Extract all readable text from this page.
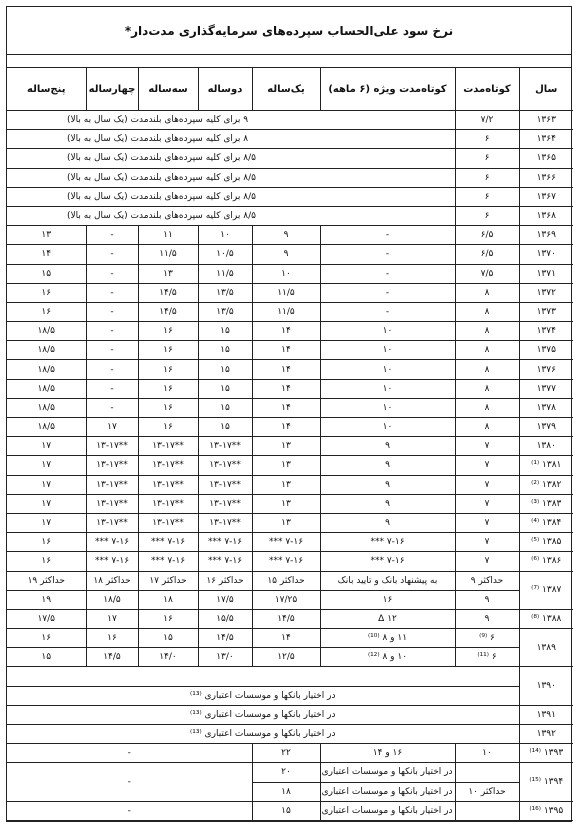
نرخ سود علی‌الحساب سپرده‌های سرمایه‌گذاری مدت‌دار*
سال	کوتاه‌مدت	کوتاه‌مدت ویژه (۶ ماهه)	یک‌ساله	دوساله	سه‌ساله	چهارساله	پنج‌ساله
۱۳۶۳	۷/۲	۹ برای کلیه سپرده‌های بلندمدت (یک سال به بالا)					
۱۳۶۴	۶	۸ برای کلیه سپرده‌های بلندمدت (یک سال به بالا)					
۱۳۶۵	۶	۸/۵ برای کلیه سپرده‌های بلندمدت (یک سال به بالا)					
۱۳۶۶	۶	۸/۵ برای کلیه سپرده‌های بلندمدت (یک سال به بالا)					
۱۳۶۷	۶	۸/۵ برای کلیه سپرده‌های بلندمدت (یک سال به بالا)					
۱۳۶۸	۶	۸/۵ برای کلیه سپرده‌های بلندمدت (یک سال به بالا)					
۱۳۶۹	۶/۵	-	۹	۱۰	۱۱	-	۱۳
۱۳۷۰	۶/۵	-	۹	۱۰/۵	۱۱/۵	-	۱۴
۱۳۷۱	۷/۵	-	۱۰	۱۱/۵	۱۳	-	۱۵
۱۳۷۲	۸	-	۱۱/۵	۱۳/۵	۱۴/۵	-	۱۶
۱۳۷۳	۸	-	۱۱/۵	۱۳/۵	۱۴/۵	-	۱۶
۱۳۷۴	۸	۱۰	۱۴	۱۵	۱۶	-	۱۸/۵
۱۳۷۵	۸	۱۰	۱۴	۱۵	۱۶	-	۱۸/۵
۱۳۷۶	۸	۱۰	۱۴	۱۵	۱۶	-	۱۸/۵
۱۳۷۷	۸	۱۰	۱۴	۱۵	۱۶	-	۱۸/۵
۱۳۷۸	۸	۱۰	۱۴	۱۵	۱۶	-	۱۸/۵
۱۳۷۹	۸	۱۰	۱۴	۱۵	۱۶	۱۷	۱۸/۵
۱۳۸۰	۷	۹	۱۳	**۱۳-۱۷	**۱۳-۱۷	**۱۳-۱۷	۱۷
۱۳۸۱ ⁽¹⁾	۷	۹	۱۳	**۱۳-۱۷	**۱۳-۱۷	**۱۳-۱۷	۱۷
۱۳۸۲ ⁽²⁾	۷	۹	۱۳	**۱۳-۱۷	**۱۳-۱۷	**۱۳-۱۷	۱۷
۱۳۸۳ ⁽³⁾	۷	۹	۱۳	**۱۳-۱۷	**۱۳-۱۷	**۱۳-۱۷	۱۷
۱۳۸۴ ⁽⁴⁾	۷	۹	۱۳	**۱۳-۱۷	**۱۳-۱۷	**۱۳-۱۷	۱۷
۱۳۸۵ ⁽⁵⁾	۷	۷-۱۶ ***	۷-۱۶ ***	۷-۱۶ ***	۷-۱۶ ***	۷-۱۶ ***	۱۶
۱۳۸۶ ⁽⁶⁾	۷	۷-۱۶ ***	۷-۱۶ ***	۷-۱۶ ***	۷-۱۶ ***	۷-۱۶ ***	۱۶
۱۳۸۷ ⁽⁷⁾	حداکثر ۹	به پیشنهاد بانک و تایید بانک	حداکثر ۱۵	حداکثر ۱۶	حداکثر ۱۷	حداکثر ۱۸	حداکثر ۱۹
	۹	۱۶	۱۷/۲۵	۱۷/۵	۱۸	۱۸/۵	۱۹
۱۳۸۸ ⁽⁸⁾	۹	۱۲ Δ	۱۴/۵	۱۵/۵	۱۶	۱۷	۱۷/۵
۱۳۸۹	۶ ⁽⁹⁾	۱۱ و ۸ ⁽¹⁰⁾	۱۴	۱۴/۵	۱۵	۱۶	۱۶
	۶ ⁽¹¹⁾	۱۰ و ۸ ⁽¹²⁾	۱۲/۵	۱۳/۰	۱۴/۰	۱۴/۵	۱۵
۱۳۹۰							
	در اختیار بانکها و موسسات اعتباری ⁽¹³⁾						
۱۳۹۱	در اختیار بانکها و موسسات اعتباری ⁽¹³⁾						
۱۳۹۲	در اختیار بانکها و موسسات اعتباری ⁽¹³⁾						
۱۳۹۳ ⁽¹⁴⁾	۱۰	۱۶ و ۱۴	۲۲	-			
۱۳۹۴ ⁽¹⁵⁾		در اختیار بانکها و موسسات اعتباری	۲۰	-			
	حداکثر ۱۰	در اختیار بانکها و موسسات اعتباری	۱۸				
۱۳۹۵ ⁽¹⁶⁾		در اختیار بانکها و موسسات اعتباری	۱۵	-			
